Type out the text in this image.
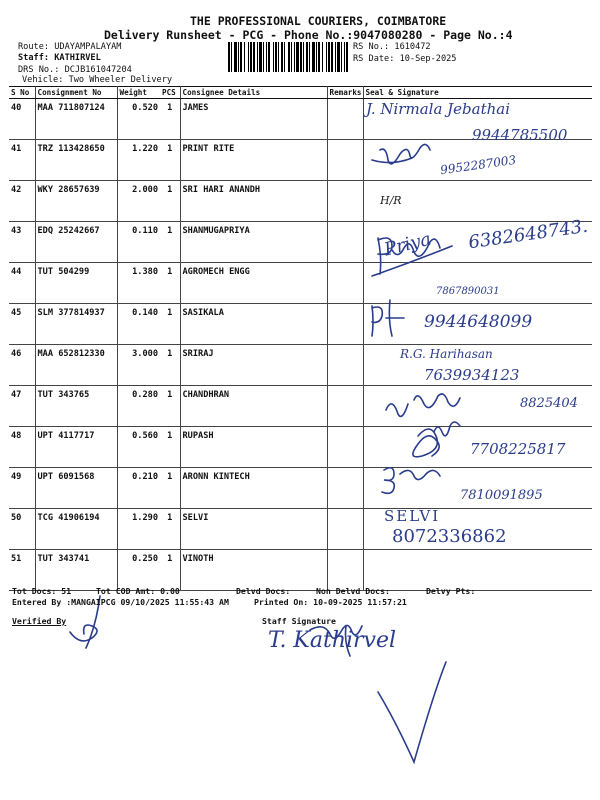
THE PROFESSIONAL COURIERS, COIMBATORE
Delivery Runsheet - PCG - Phone No.:9047080280 - Page No.:4
Route: UDAYAMPALAYAM
Staff: KATHIRVEL
DRS No.: DCJB161047204
Vehicle: Two Wheeler Delivery
RS No.: 1610472
RS Date: 10-Sep-2025
S No	Consignment No	Weight	PCS	Consignee Details	Remarks	Seal & Signature
40	MAA 711807124	0.520	1	JAMES		
41	TRZ 113428650	1.220	1	PRINT RITE		
42	WKY 28657639	2.000	1	SRI HARI ANANDH		
43	EDQ 25242667	0.110	1	SHANMUGAPRIYA		
44	TUT 504299	1.380	1	AGROMECH ENGG		
45	SLM 377814937	0.140	1	SASIKALA		
46	MAA 652812330	3.000	1	SRIRAJ		
47	TUT 343765	0.280	1	CHANDHRAN		
48	UPT 4117717	0.560	1	RUPASH		
49	UPT 6091568	0.210	1	ARONN KINTECH		
50	TCG 41906194	1.290	1	SELVI		
51	TUT 343741	0.250	1	VINOTH		
J. Nirmala Jebathai
9944785500
9952287003
H/R
Priya 6382648743.
7867890031
9944648099
R.G. Harihasan
7639934123
8825404
7708225817
7810091895
SELVI
8072336862
Tot Docs: 51	Tot COD Amt: 0.00	Delvd Docs:	Non Delvd Docs:	Delvy Pts:
Entered By :MANGAIPCG 09/10/2025 11:55:43 AM	Printed On: 10-09-2025 11:57:21
Verified By	Staff Signature
T. Kathirvel
